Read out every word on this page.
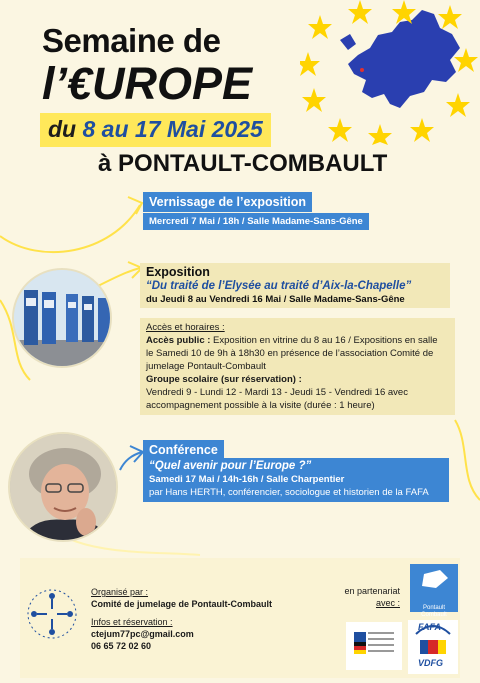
Semaine de
l’€UROPE
du 8 au 17 Mai 2025
à PONTAULT-COMBAULT
Vernissage de l’exposition
Mercredi 7 Mai / 18h / Salle Madame-Sans-Gêne
Exposition
“Du traité de l’Elysée au traité d’Aix-la-Chapelle”
du Jeudi 8 au Vendredi 16 Mai / Salle Madame-Sans-Gêne
Accès et horaires :
Accès public : Exposition en vitrine du 8 au 16 / Expositions en salle
le Samedi 10 de 9h à 18h30 en présence de l’association Comité de
jumelage Pontault-Combault
Groupe scolaire (sur réservation) :
Vendredi 9 - Lundi 12 - Mardi 13 - Jeudi 15 - Vendredi 16 avec
accompagnement possible à la visite (durée : 1 heure)
Conférence
“Quel avenir pour l’Europe ?”
Samedi 17 Mai / 14h-16h / Salle Charpentier
par Hans HERTH, conférencier, sociologue et historien de la FAFA
Organisé par :
Comité de jumelage de Pontault-Combault
Infos et réservation :
ctejum77pc@gmail.com
06 65 72 02 60
en partenariat
avec :	Pontault Combault
FAFA
VDFG
